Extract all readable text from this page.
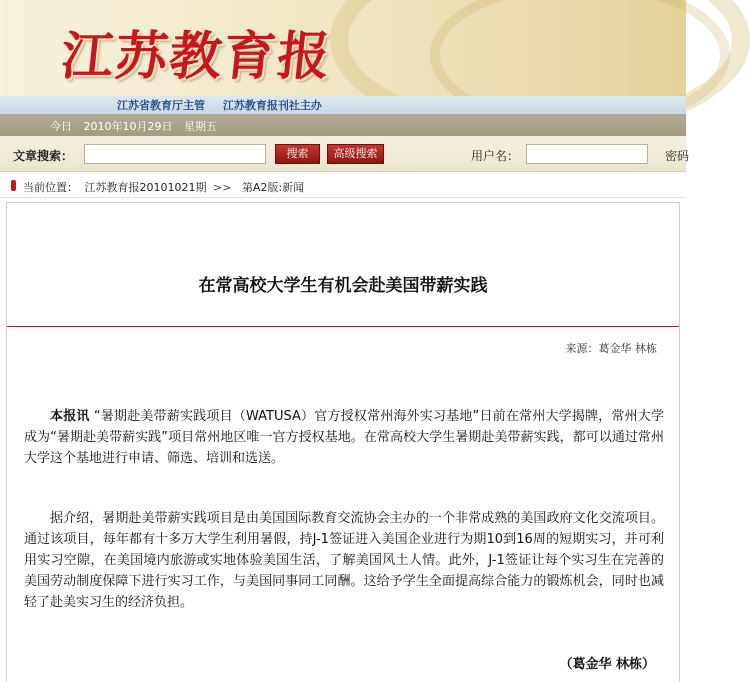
江苏教育报
江苏省教育厅主管 江苏教育报刊社主办
今日 2010年10月29日 星期五
文章搜索：	搜索	高级搜索	用户名：	密码
当前位置： 江苏教育报20101021期 >> 第A2版:新闻
在常高校大学生有机会赴美国带薪实践
来源：葛金华 林栋
本报讯 “暑期赴美带薪实践项目（WATUSA）官方授权常州海外实习基地”日前在常州大学揭牌，常州大学成为“暑期赴美带薪实践”项目常州地区唯一官方授权基地。在常高校大学生暑期赴美带薪实践，都可以通过常州大学这个基地进行申请、筛选、培训和选送。
据介绍，暑期赴美带薪实践项目是由美国国际教育交流协会主办的一个非常成熟的美国政府文化交流项目。通过该项目，每年都有十多万大学生利用暑假，持J-1签证进入美国企业进行为期10到16周的短期实习，并可利用实习空隙，在美国境内旅游或实地体验美国生活，了解美国风土人情。此外，J-1签证让每个实习生在完善的美国劳动制度保障下进行实习工作，与美国同事同工同酬。这给予学生全面提高综合能力的锻炼机会，同时也减轻了赴美实习生的经济负担。
（葛金华 林栋）
